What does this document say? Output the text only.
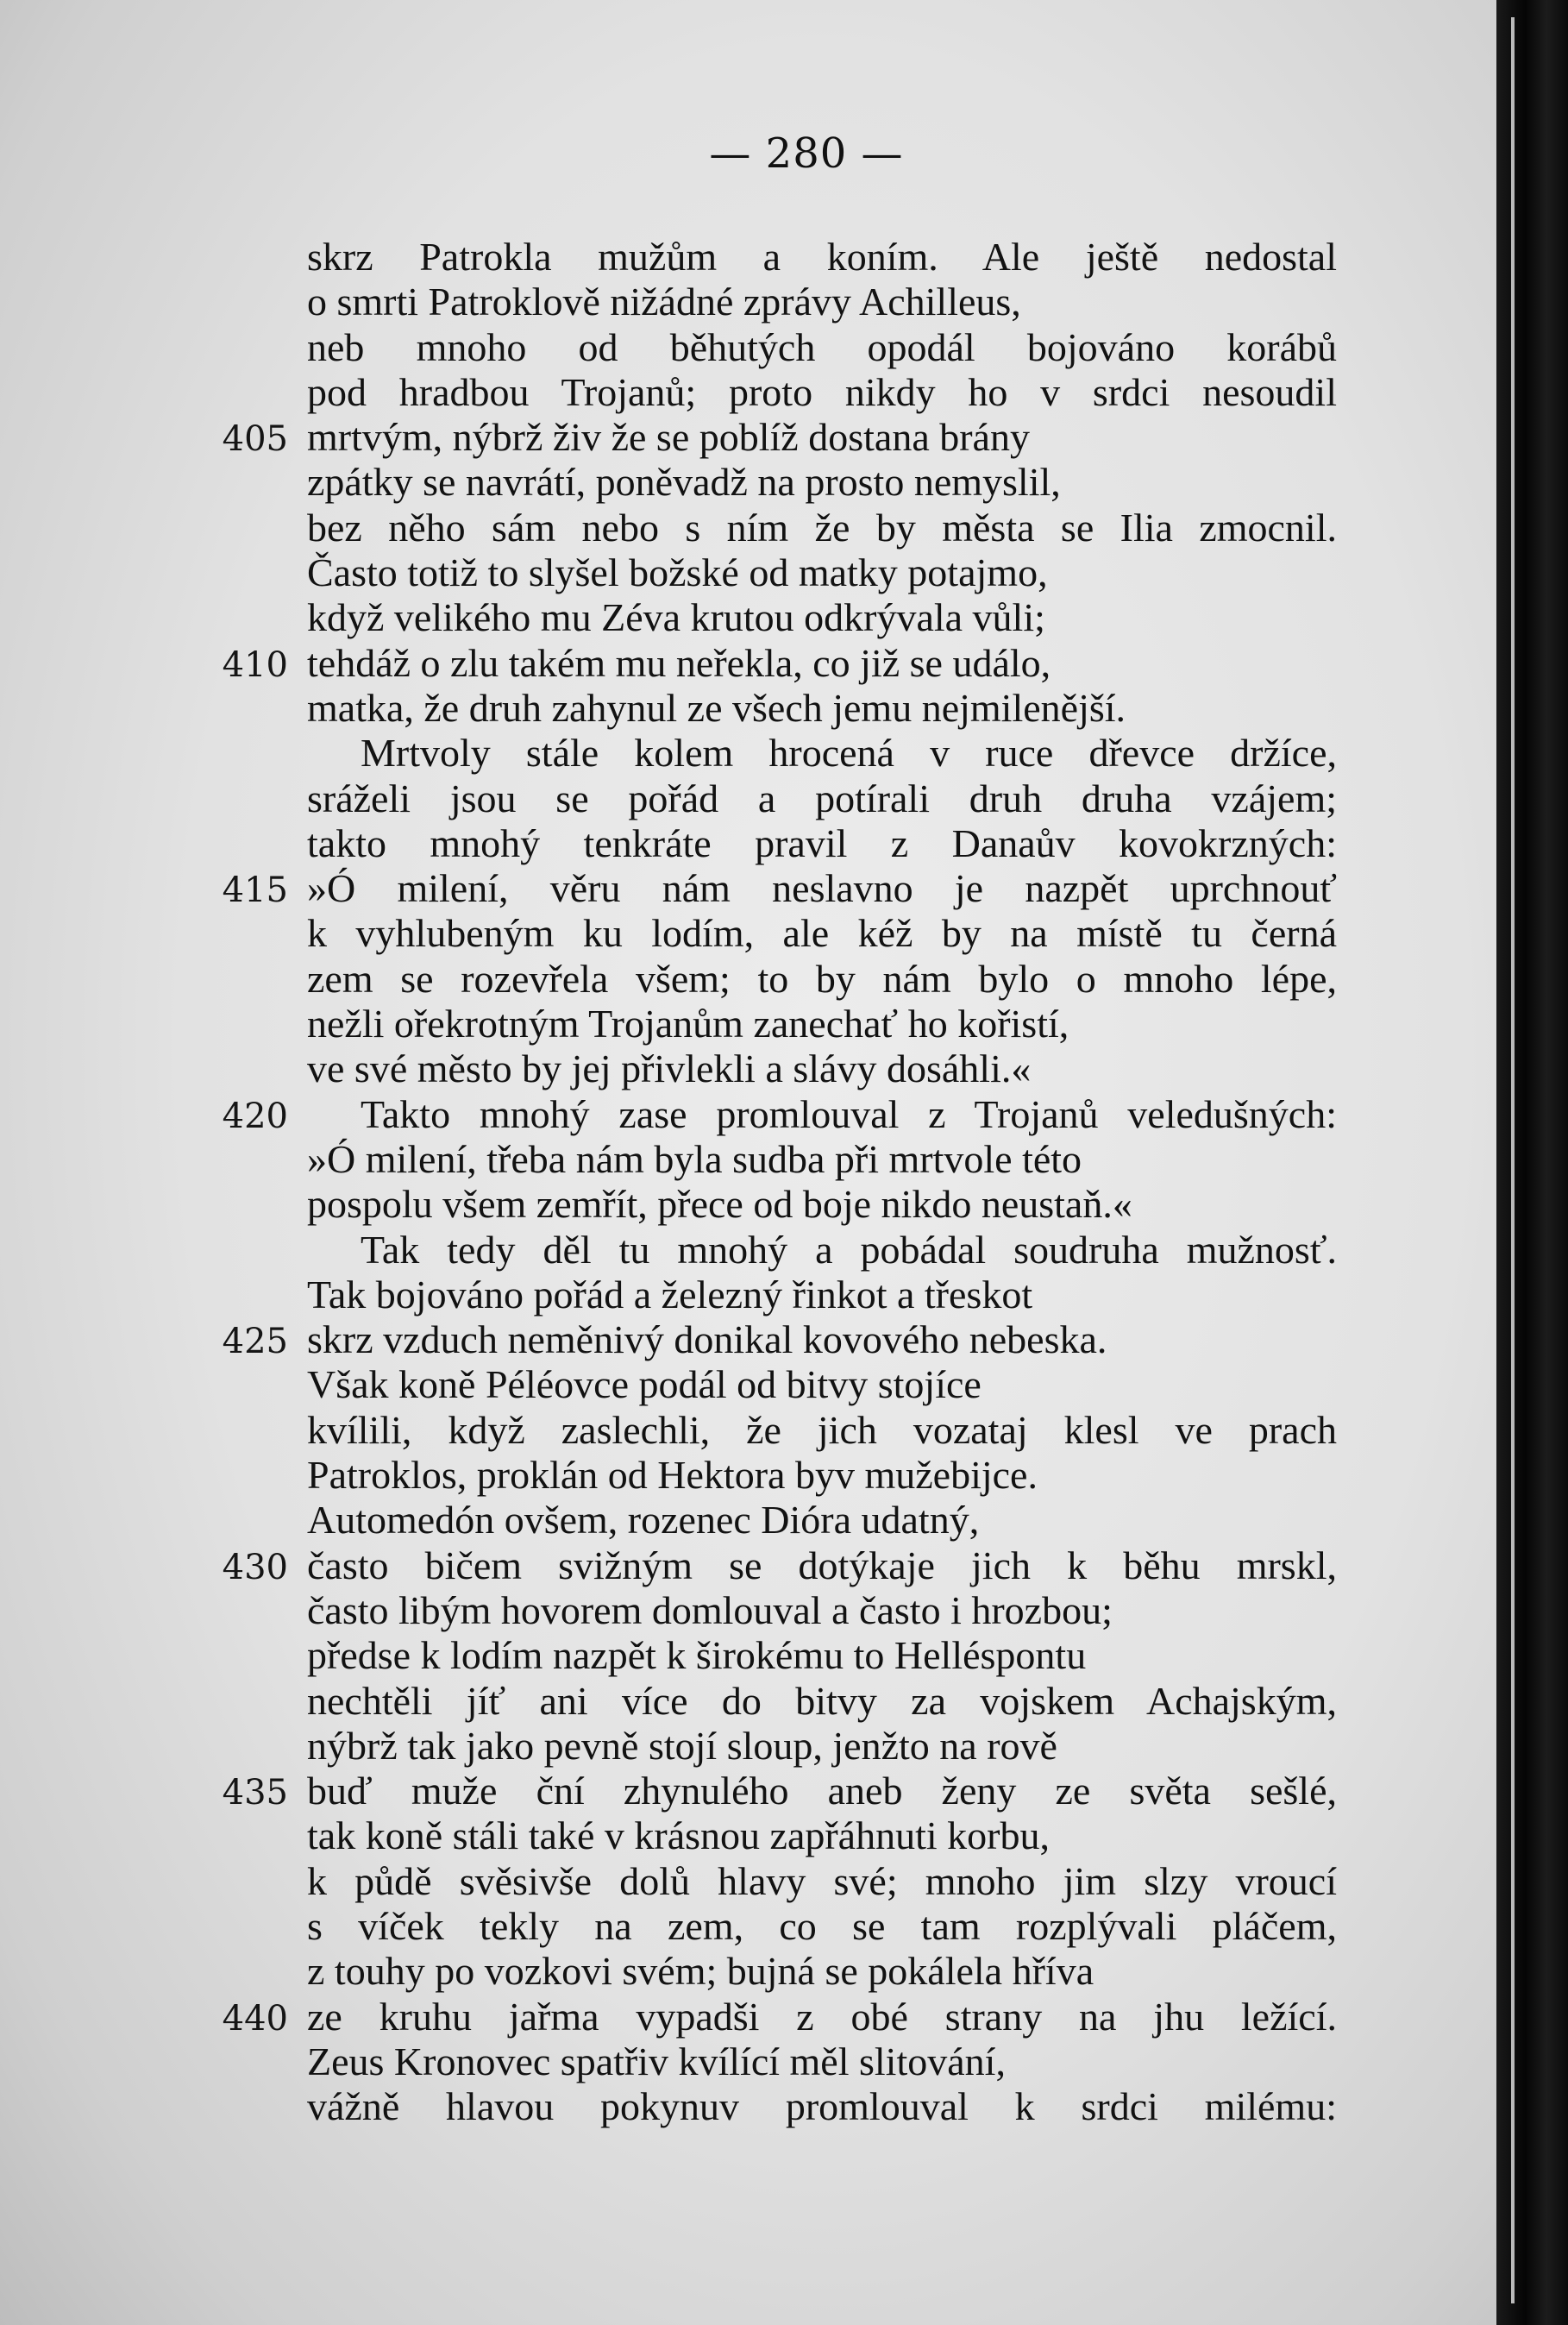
— 280 —
skrz Patrokla mužům a koním. Ale ještě nedostal
o smrti Patroklově nižádné zprávy Achilleus,
neb mnoho od běhutých opodál bojováno korábů
pod hradbou Trojanů; proto nikdy ho v srdci nesoudil
405 mrtvým, nýbrž živ že se poblíž dostana brány
zpátky se navrátí, poněvadž na prosto nemyslil,
bez něho sám nebo s ním že by města se Ilia zmocnil.
Často totiž to slyšel božské od matky potajmo,
když velikého mu Zéva krutou odkrývala vůli;
410 tehdáž o zlu takém mu neřekla, co již se událo,
matka, že druh zahynul ze všech jemu nejmilenější.
Mrtvoly stále kolem hrocená v ruce dřevce držíce,
sráželi jsou se pořád a potírali druh druha vzájem;
takto mnohý tenkráte pravil z Danaův kovokrzných:
415 »Ó milení, věru nám neslavno je nazpět uprchnouť
k vyhlubeným ku lodím, ale kéž by na místě tu černá
zem se rozevřela všem; to by nám bylo o mnoho lépe,
nežli ořekrotným Trojanům zanechať ho kořistí,
ve své město by jej přivlekli a slávy dosáhli.«
420 Takto mnohý zase promlouval z Trojanů veledušných:
»Ó milení, třeba nám byla sudba při mrtvole této
pospolu všem zemřít, přece od boje nikdo neustaň.«
Tak tedy děl tu mnohý a pobádal soudruha mužnosť.
Tak bojováno pořád a železný řinkot a třeskot
425 skrz vzduch neměnivý donikal kovového nebeska.
Však koně Péléovce podál od bitvy stojíce
kvílili, když zaslechli, že jich vozataj klesl ve prach
Patroklos, proklán od Hektora byv mužebijce.
Automedón ovšem, rozenec Dióra udatný,
430 často bičem svižným se dotýkaje jich k běhu mrskl,
často libým hovorem domlouval a často i hrozbou;
předse k lodím nazpět k širokému to Helléspontu
nechtěli jíť ani více do bitvy za vojskem Achajským,
nýbrž tak jako pevně stojí sloup, jenžto na rově
435 buď muže ční zhynulého aneb ženy ze světa sešlé,
tak koně stáli také v krásnou zapřáhnuti korbu,
k půdě svěsivše dolů hlavy své; mnoho jim slzy vroucí
s víček tekly na zem, co se tam rozplývali pláčem,
z touhy po vozkovi svém; bujná se pokálela hříva
440 ze kruhu jařma vypadši z obé strany na jhu ležící.
Zeus Kronovec spatřiv kvílící měl slitování,
vážně hlavou pokynuv promlouval k srdci milému:
